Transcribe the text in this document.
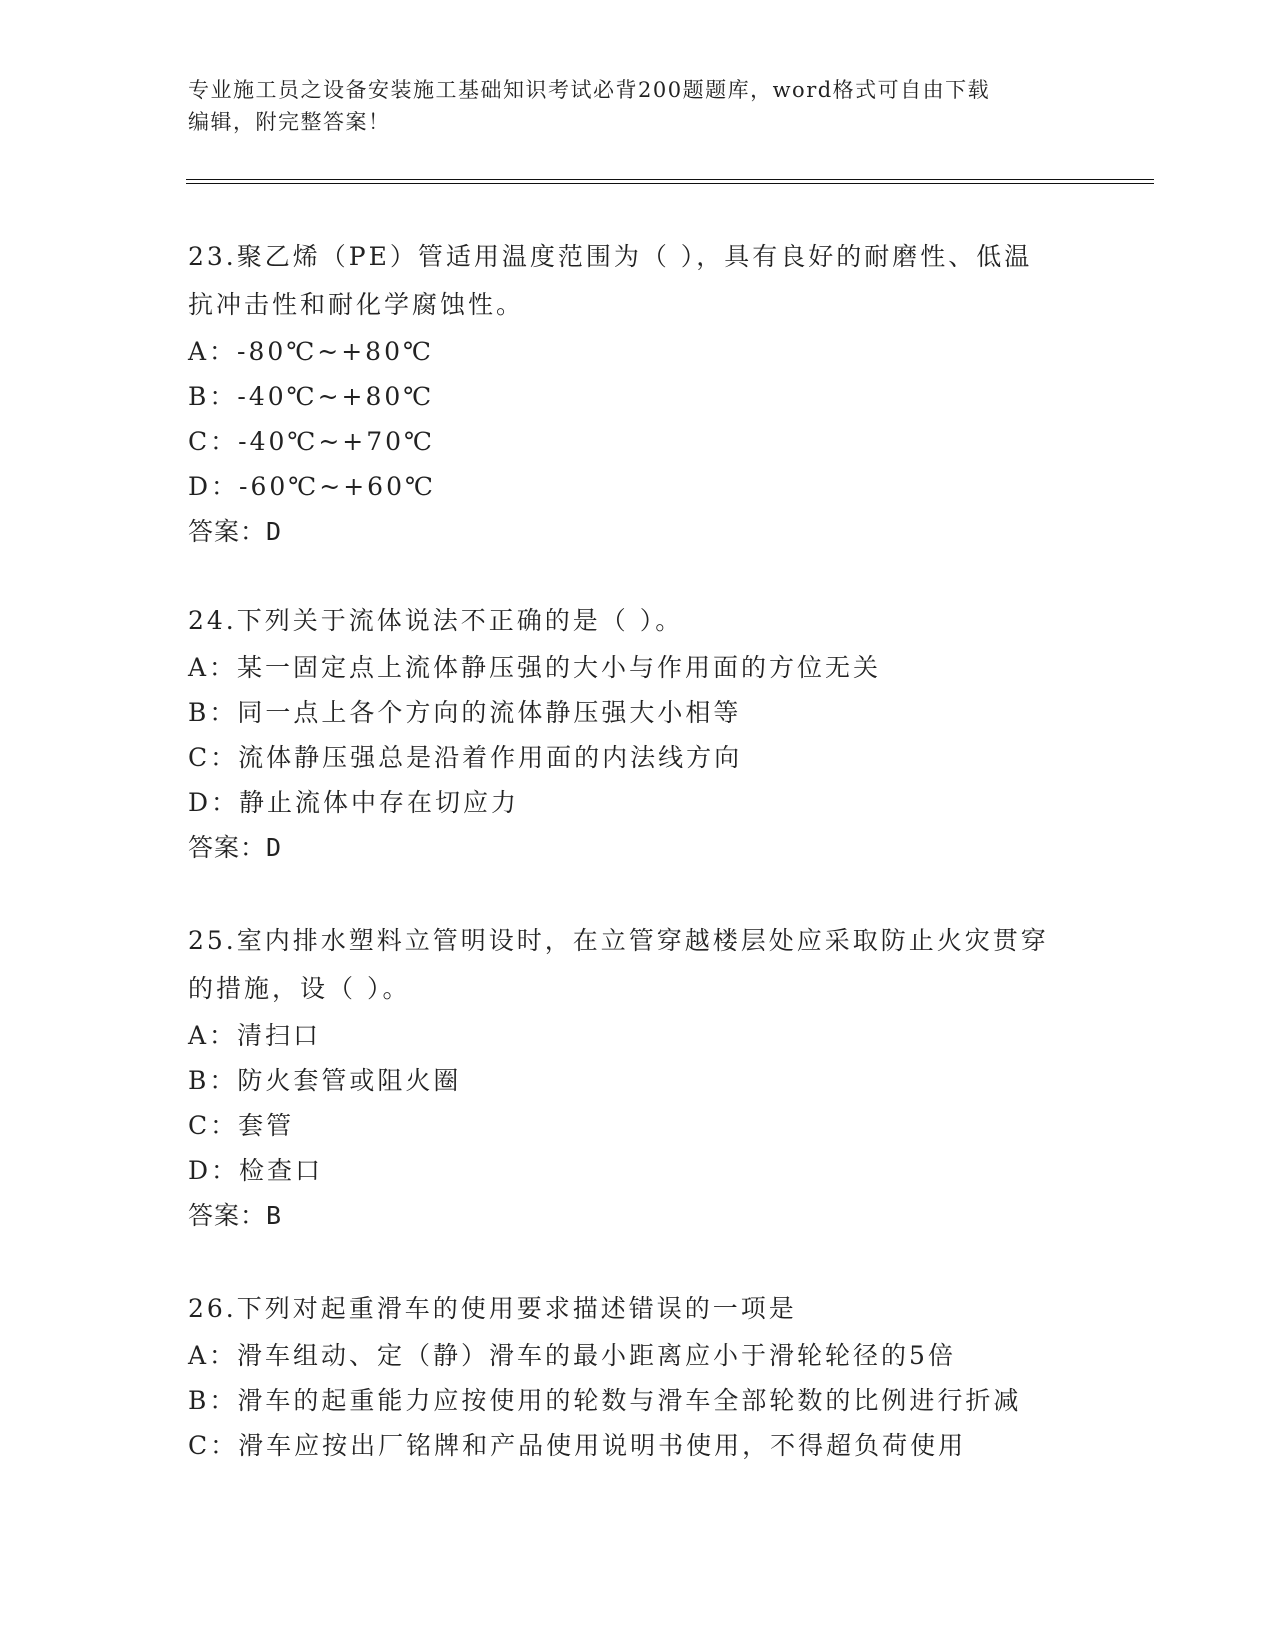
专业施工员之设备安装施工基础知识考试必背200题题库，word格式可自由下载
编辑，附完整答案！
23.聚乙烯（PE）管适用温度范围为（ ），具有良好的耐磨性、低温
抗冲击性和耐化学腐蚀性。
A：-80℃~+80℃
B：-40℃~+80℃
C：-40℃~+70℃
D：-60℃~+60℃
答案：D
24.下列关于流体说法不正确的是（ ）。
A：某一固定点上流体静压强的大小与作用面的方位无关
B：同一点上各个方向的流体静压强大小相等
C：流体静压强总是沿着作用面的内法线方向
D：静止流体中存在切应力
答案：D
25.室内排水塑料立管明设时，在立管穿越楼层处应采取防止火灾贯穿
的措施，设（ ）。
A：清扫口
B：防火套管或阻火圈
C：套管
D：检查口
答案：B
26.下列对起重滑车的使用要求描述错误的一项是
A：滑车组动、定（静）滑车的最小距离应小于滑轮轮径的5倍
B：滑车的起重能力应按使用的轮数与滑车全部轮数的比例进行折减
C：滑车应按出厂铭牌和产品使用说明书使用，不得超负荷使用
